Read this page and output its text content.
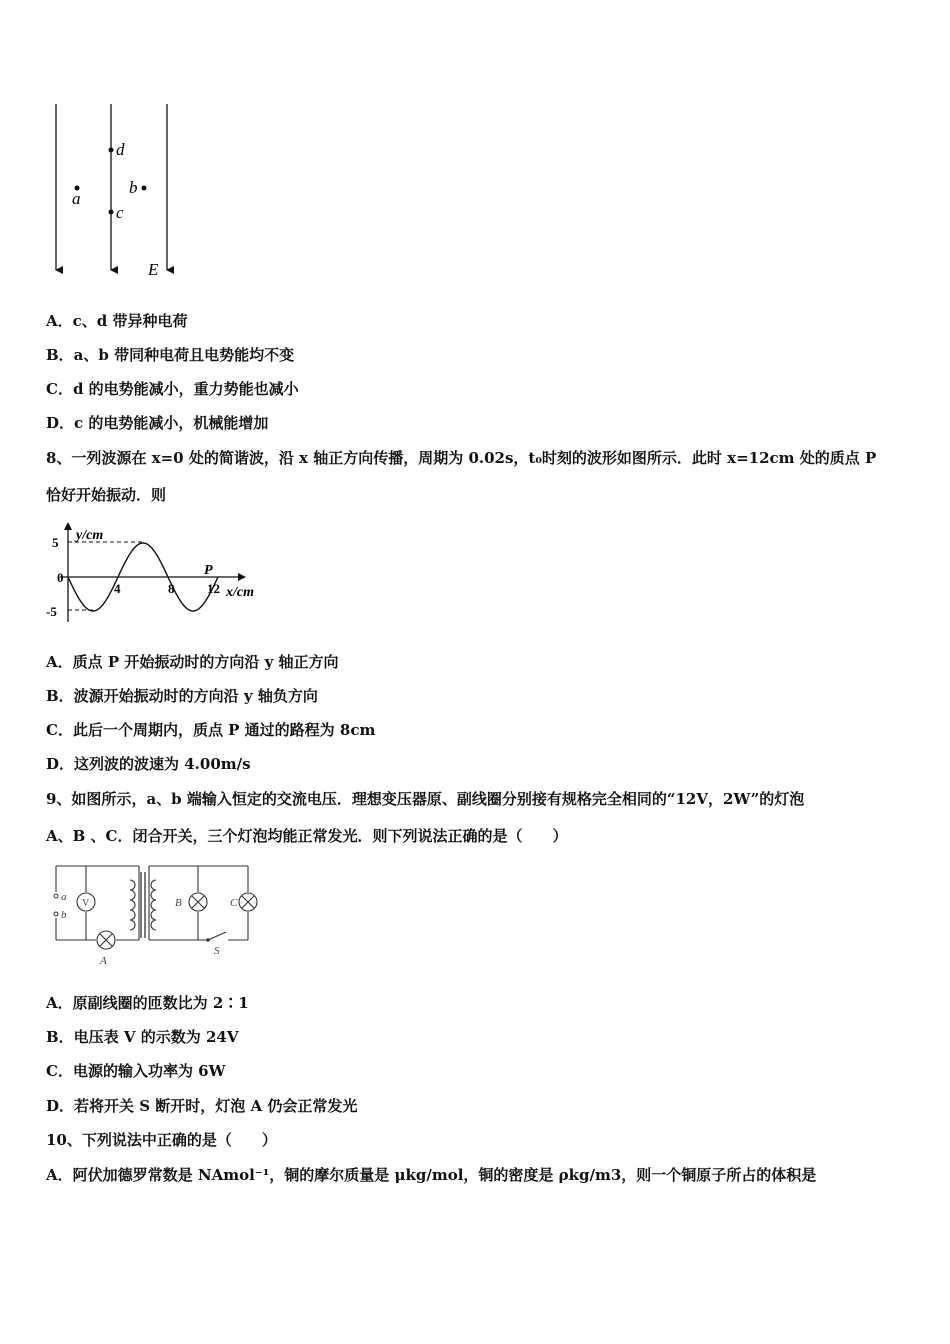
d
a
b
c
E
A．c、d 带异种电荷
B．a、b 带同种电荷且电势能均不变
C．d 的电势能减小，重力势能也减小
D．c 的电势能减小，机械能增加
8、一列波源在 x=0 处的简谐波，沿 x 轴正方向传播，周期为 0.02s，t₀时刻的波形如图所示．此时 x=12cm 处的质点 P
恰好开始振动．则
y/cm
x/cm
5
-5
0
4	8	12
P
A．质点 P 开始振动时的方向沿 y 轴正方向
B．波源开始振动时的方向沿 y 轴负方向
C．此后一个周期内，质点 P 通过的路程为 8cm
D．这列波的波速为 4.00m/s
9、如图所示，a、b 端输入恒定的交流电压．理想变压器原、副线圈分别接有规格完全相同的“12V，2W”的灯泡
A、B 、C．闭合开关，三个灯泡均能正常发光．则下列说法正确的是（　　）
a
b
V
A
B	C
S
A．原副线圈的匝数比为 2∶1
B．电压表 V 的示数为 24V
C．电源的输入功率为 6W
D．若将开关 S 断开时，灯泡 A 仍会正常发光
10、下列说法中正确的是（　　）
A．阿伏加德罗常数是 NAmol⁻¹，铜的摩尔质量是 μkg/mol，铜的密度是 ρkg/m3，则一个铜原子所占的体积是
